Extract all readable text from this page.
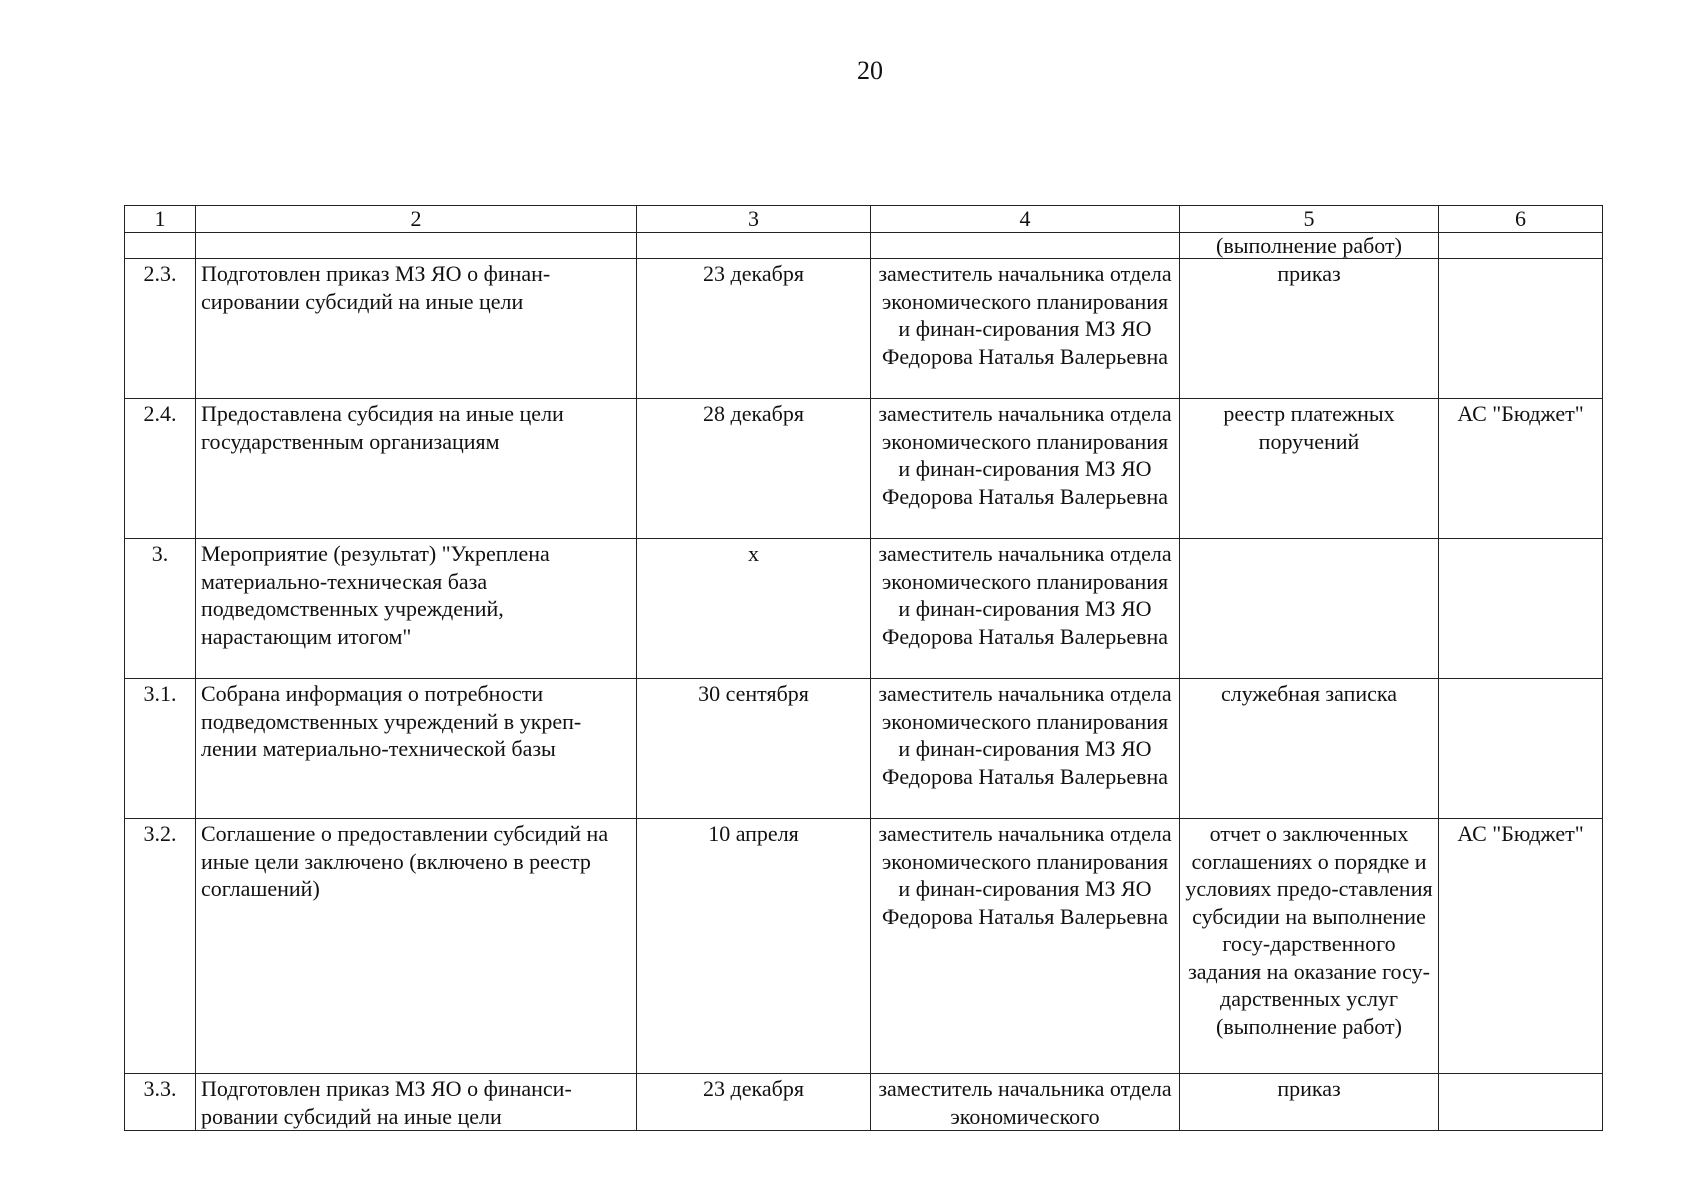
20
1	2	3	4	5	6
				(выполнение работ)	
2.3.	Подготовлен приказ МЗ ЯО о финан-сировании субсидий на иные цели	23 декабря	заместитель начальника отдела экономического планирования и финан-сирования МЗ ЯО Федорова Наталья Валерьевна	приказ	
2.4.	Предоставлена субсидия на иные цели государственным организациям	28 декабря	заместитель начальника отдела экономического планирования и финан-сирования МЗ ЯО Федорова Наталья Валерьевна	реестр платежных поручений	АС "Бюджет"
3.	Мероприятие (результат) "Укреплена материально-техническая база подведомственных учреждений, нарастающим итогом"	х	заместитель начальника отдела экономического планирования и финан-сирования МЗ ЯО Федорова Наталья Валерьевна		
3.1.	Собрана информация о потребности подведомственных учреждений в укреп-лении материально-технической базы	30 сентября	заместитель начальника отдела экономического планирования и финан-сирования МЗ ЯО Федорова Наталья Валерьевна	служебная записка	
3.2.	Соглашение о предоставлении субсидий на иные цели заключено (включено в реестр соглашений)	10 апреля	заместитель начальника отдела экономического планирования и финан-сирования МЗ ЯО Федорова Наталья Валерьевна	отчет о заключенных соглашениях о порядке и условиях предо-ставления субсидии на выполнение госу-дарственного задания на оказание госу-дарственных услуг (выполнение работ)	АС "Бюджет"
3.3.	Подготовлен приказ МЗ ЯО о финанси-ровании субсидий на иные цели	23 декабря	заместитель начальника отдела экономического	приказ	
